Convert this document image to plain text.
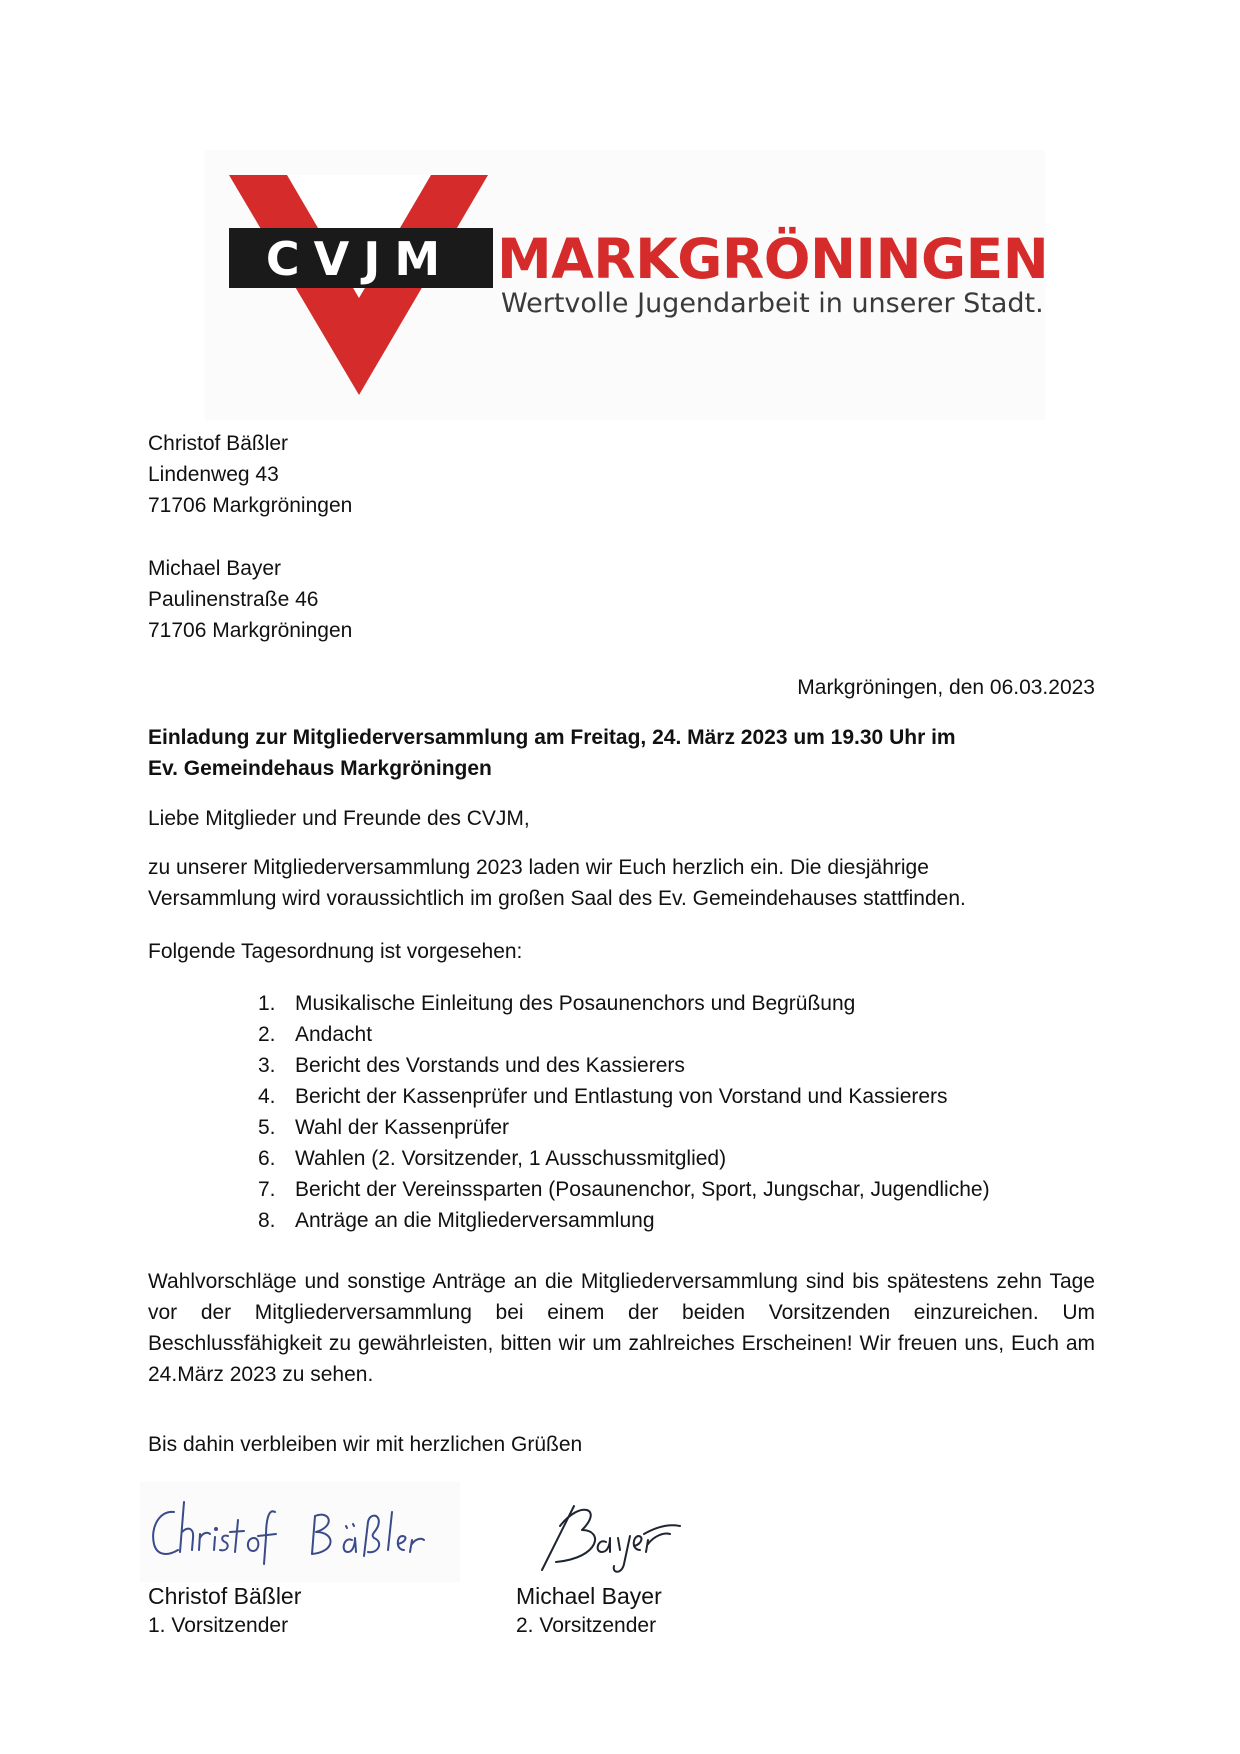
CVJM MARKGRÖNINGEN
Wertvolle Jugendarbeit in unserer Stadt.
Christof Bäßler
Lindenweg 43
71706 Markgröningen
Michael Bayer
Paulinenstraße 46
71706 Markgröningen
Markgröningen, den 06.03.2023
Einladung zur Mitgliederversammlung am Freitag, 24. März 2023 um 19.30 Uhr im
Ev. Gemeindehaus Markgröningen
Liebe Mitglieder und Freunde des CVJM,
zu unserer Mitgliederversammlung 2023 laden wir Euch herzlich ein. Die diesjährige
Versammlung wird voraussichtlich im großen Saal des Ev. Gemeindehauses stattfinden.
Folgende Tagesordnung ist vorgesehen:
1. Musikalische Einleitung des Posaunenchors und Begrüßung
2. Andacht
3. Bericht des Vorstands und des Kassierers
4. Bericht der Kassenprüfer und Entlastung von Vorstand und Kassierers
5. Wahl der Kassenprüfer
6. Wahlen (2. Vorsitzender, 1 Ausschussmitglied)
7. Bericht der Vereinssparten (Posaunenchor, Sport, Jungschar, Jugendliche)
8. Anträge an die Mitgliederversammlung
Wahlvorschläge und sonstige Anträge an die Mitgliederversammlung sind bis spätestens zehn Tage vor der Mitgliederversammlung bei einem der beiden Vorsitzenden einzureichen. Um Beschlussfähigkeit zu gewährleisten, bitten wir um zahlreiches Erscheinen! Wir freuen uns, Euch am 24.März 2023 zu sehen.
Bis dahin verbleiben wir mit herzlichen Grüßen
Christof Bäßler
1. Vorsitzender
Michael Bayer
2. Vorsitzender
